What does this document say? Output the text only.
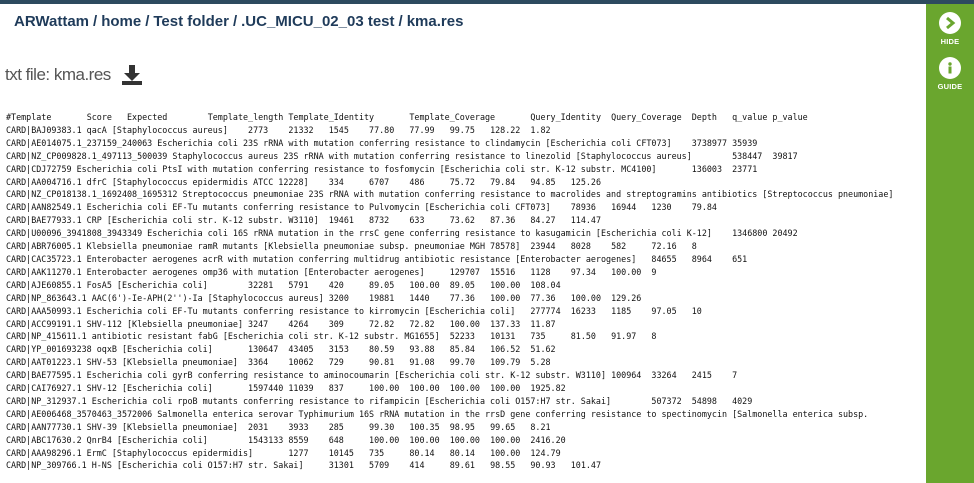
ARWattam / home / Test folder / .UC_MICU_02_03 test / kma.res
txt file: kma.res
#Template	Score	Expected	Template_length	Template_Identity	Template_Coverage	Query_Identity	Query_Coverage	Depth	q_value	p_value
CARD|BAJ09383.1 qacA [Staphylococcus aureus]	2773	21332	1545	77.80	77.99	99.75	128.22	1.82
CARD|AE014075.1_237159_240063 Escherichia coli 23S rRNA with mutation conferring resistance to clindamycin [Escherichia coli CFT073]	3738977	35939
CARD|NZ_CP009828.1_497113_500039 Staphylococcus aureus 23S rRNA with mutation conferring resistance to linezolid [Staphylococcus aureus]	538447	39817
CARD|CDJ72759 Escherichia coli PtsI with mutation conferring resistance to fosfomycin [Escherichia coli str. K-12 substr. MC4100]	136003	23771
CARD|AA004716.1 dfrC [Staphylococcus epidermidis ATCC 12228]	334	6707	486	75.72	79.84	94.85	125.26
CARD|NZ_CP018138.1_1692408_1695312 Streptococcus pneumoniae 23S rRNA with mutation conferring resistance to macrolides and streptogramins antibiotics [Streptococcus pneumoniae]
CARD|AAN82549.1 Escherichia coli EF-Tu mutants conferring resistance to Pulvomycin [Escherichia coli CFT073]	78936	16944	1230	79.84
CARD|BAE77933.1 CRP [Escherichia coli str. K-12 substr. W3110]	19461	8732	633	73.62	87.36	84.27	114.47
CARD|U00096_3941808_3943349 Escherichia coli 16S rRNA mutation in the rrsC gene conferring resistance to kasugamicin [Escherichia coli K-12]	1346800	20492
CARD|ABR76005.1 Klebsiella pneumoniae ramR mutants [Klebsiella pneumoniae subsp. pneumoniae MGH 78578]	23944	8028	582	72.16	8
CARD|CAC35723.1 Enterobacter aerogenes acrR with mutation conferring multidrug antibiotic resistance [Enterobacter aerogenes]	84655	8964	651
CARD|AAK11270.1 Enterobacter aerogenes omp36 with mutation [Enterobacter aerogenes]	129707	15516	1128	97.34	100.00	9
CARD|AJE60855.1 FosA5 [Escherichia coli]	32281	5791	420	89.05	100.00	89.05	100.00	108.04
CARD|NP_863643.1 AAC(6')-Ie-APH(2'')-Ia [Staphylococcus aureus]	3200	19881	1440	77.36	100.00	77.36	100.00	129.26
CARD|AAA50993.1 Escherichia coli EF-Tu mutants conferring resistance to kirromycin [Escherichia coli]	277774	16233	1185	97.05	10
CARD|ACC99191.1 SHV-112 [Klebsiella pneumoniae]	3247	4264	309	72.82	72.82	100.00	137.33	11.87
CARD|NP_415611.1 antibiotic resistant fabG [Escherichia coli str. K-12 substr. MG1655]	52233	10131	735	81.50	91.97	8
CARD|YP_001693238 oqxB [Escherichia coli]	130647	43405	3153	80.59	93.88	85.84	106.52	51.62
CARD|AAT01223.1 SHV-53 [Klebsiella pneumoniae]	3364	10062	729	90.81	91.08	99.70	109.79	5.28
CARD|BAE77595.1 Escherichia coli gyrB conferring resistance to aminocoumarin [Escherichia coli str. K-12 substr. W3110]	100964	33264	2415	7
CARD|CAI76927.1 SHV-12 [Escherichia coli]	1597440	11039	837	100.00	100.00	100.00	100.00	1925.82
CARD|NP_312937.1 Escherichia coli rpoB mutants conferring resistance to rifampicin [Escherichia coli O157:H7 str. Sakai]	507372	54898	4029
CARD|AE006468_3570463_3572006 Salmonella enterica serovar Typhimurium 16S rRNA mutation in the rrsD gene conferring resistance to spectinomycin [Salmonella enterica subsp.
CARD|AAN77730.1 SHV-39 [Klebsiella pneumoniae]	2031	3933	285	99.30	100.35	98.95	99.65	8.21
CARD|ABC17630.2 QnrB4 [Escherichia coli]	1543133	8559	648	100.00	100.00	100.00	100.00	2416.20
CARD|AAA98296.1 ErmC [Staphylococcus epidermidis]	1277	10145	735	80.14	80.14	100.00	124.79
CARD|NP_309766.1 H-NS [Escherichia coli O157:H7 str. Sakai]	31301	5709	414	89.61	98.55	90.93	101.47
HIDE
GUIDE
